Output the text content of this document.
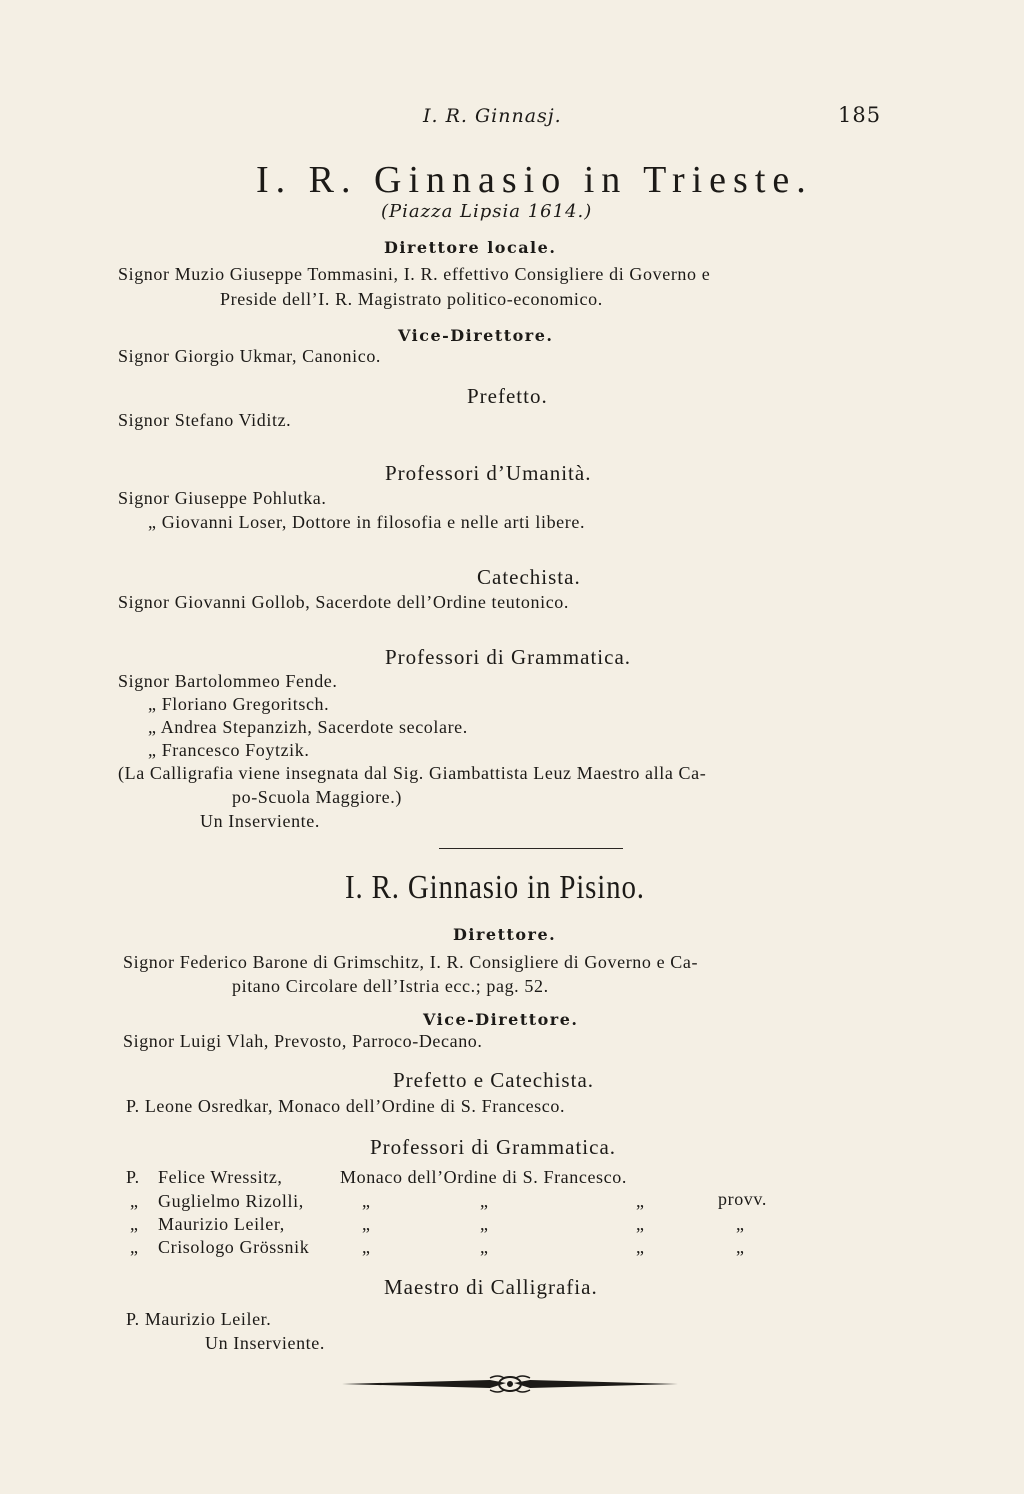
I. R. Ginnasj.	185
I. R. Ginnasio in Trieste.
(Piazza Lipsia 1614.)
Direttore locale.
Signor Muzio Giuseppe Tommasini, I. R. effettivo Consigliere di Governo e
Preside dell’I. R. Magistrato politico-economico.
Vice-Direttore.
Signor Giorgio Ukmar, Canonico.
Prefetto.
Signor Stefano Viditz.
Professori d’Umanità.
Signor Giuseppe Pohlutka.
„ Giovanni Loser, Dottore in filosofia e nelle arti libere.
Catechista.
Signor Giovanni Gollob, Sacerdote dell’Ordine teutonico.
Professori di Grammatica.
Signor Bartolommeo Fende.
„ Floriano Gregoritsch.
„ Andrea Stepanzizh, Sacerdote secolare.
„ Francesco Foytzik.
(La Calligrafia viene insegnata dal Sig. Giambattista Leuz Maestro alla Ca-
po-Scuola Maggiore.)
Un Inserviente.
I. R. Ginnasio in Pisino.
Direttore.
Signor Federico Barone di Grimschitz, I. R. Consigliere di Governo e Ca-
pitano Circolare dell’Istria ecc.; pag. 52.
Vice-Direttore.
Signor Luigi Vlah, Prevosto, Parroco-Decano.
Prefetto e Catechista.
P. Leone Osredkar, Monaco dell’Ordine di S. Francesco.
Professori di Grammatica.
P. Felice Wressitz,	Monaco dell’Ordine di S. Francesco.
„ Guglielmo Rizolli,	„	„	„	provv.
„ Maurizio Leiler,	„	„	„	„
„ Crisologo Grössnik	„	„	„	„
Maestro di Calligrafia.
P. Maurizio Leiler.
Un Inserviente.
